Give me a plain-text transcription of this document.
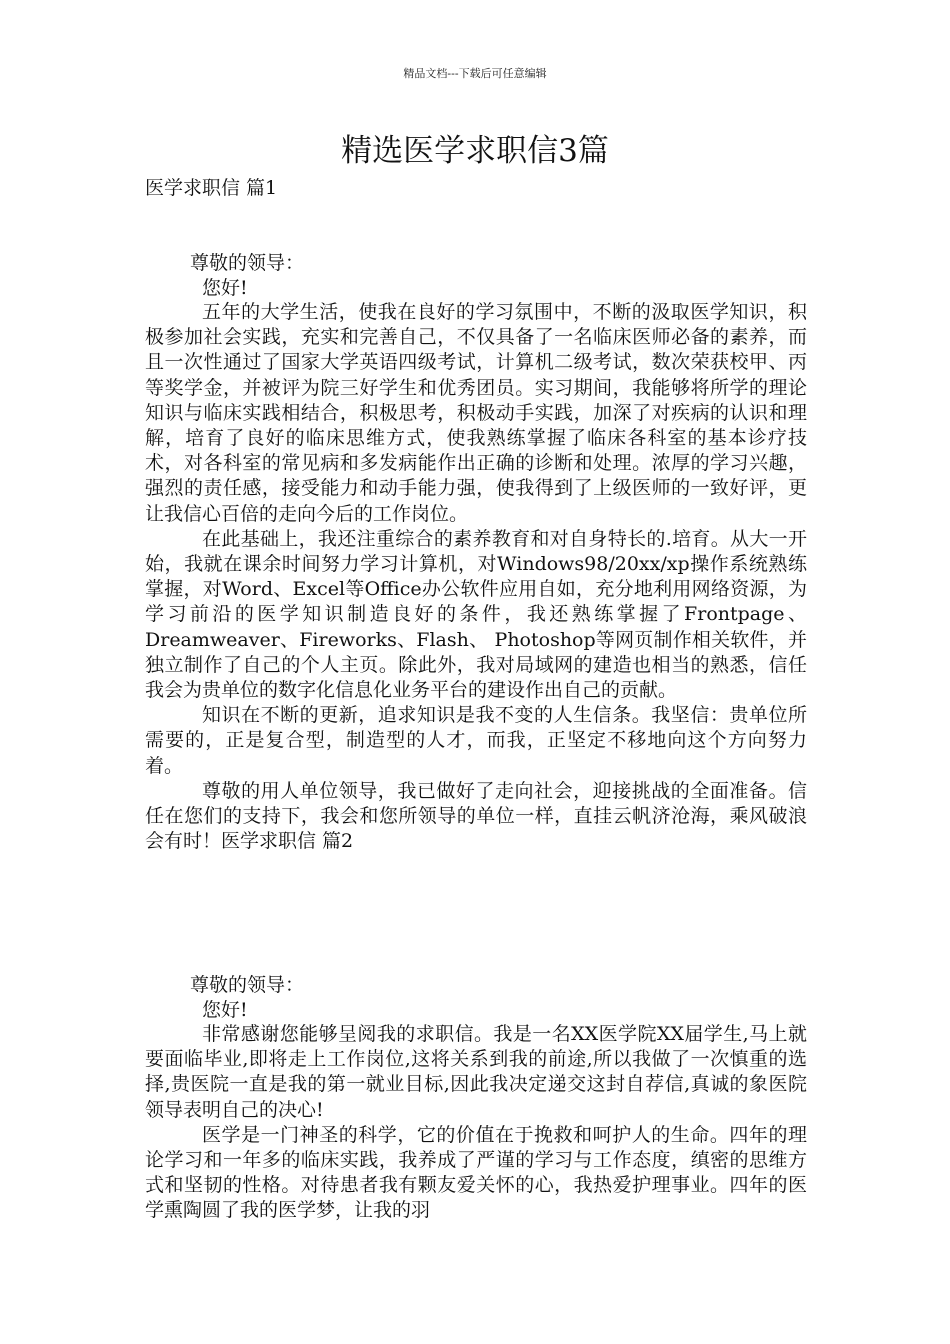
精品文档---下载后可任意编辑
精选医学求职信3篇
医学求职信 篇1
尊敬的领导：
您好!

五年的大学生活，使我在良好的学习氛围中，不断的汲取医学知识，积极参加社会实践，充实和完善自己，不仅具备了一名临床医师必备的素养，而且一次性通过了国家大学英语四级考试，计算机二级考试，数次荣获校甲、丙等奖学金，并被评为院三好学生和优秀团员。实习期间，我能够将所学的理论知识与临床实践相结合，积极思考，积极动手实践，加深了对疾病的认识和理解，培育了良好的临床思维方式，使我熟练掌握了临床各科室的基本诊疗技术，对各科室的常见病和多发病能作出正确的诊断和处理。浓厚的学习兴趣，强烈的责任感，接受能力和动手能力强，使我得到了上级医师的一致好评，更让我信心百倍的走向今后的工作岗位。

在此基础上，我还注重综合的素养教育和对自身特长的.培育。从大一开始，我就在课余时间努力学习计算机，对Windows98/20xx/xp操作系统熟练掌握，对Word、Excel等Office办公软件应用自如，充分地利用网络资源，为学习前沿的医学知识制造良好的条件，我还熟练掌握了Frontpage、Dreamweaver、Fireworks、Flash、 Photoshop等网页制作相关软件，并独立制作了自己的个人主页。除此外，我对局域网的建造也相当的熟悉，信任我会为贵单位的数字化信息化业务平台的建设作出自己的贡献。

知识在不断的更新，追求知识是我不变的人生信条。我坚信：贵单位所需要的，正是复合型，制造型的人才，而我，正坚定不移地向这个方向努力着。

尊敬的用人单位领导，我已做好了走向社会，迎接挑战的全面准备。信任在您们的支持下，我会和您所领导的单位一样，直挂云帆济沧海，乘风破浪会有时！医学求职信 篇2

尊敬的领导：
您好!

非常感谢您能够呈阅我的求职信。我是一名XX医学院XX届学生,马上就要面临毕业,即将走上工作岗位,这将关系到我的前途,所以我做了一次慎重的选择,贵医院一直是我的第一就业目标,因此我决定递交这封自荐信,真诚的象医院领导表明自己的决心!

医学是一门神圣的科学，它的价值在于挽救和呵护人的生命。四年的理论学习和一年多的临床实践，我养成了严谨的学习与工作态度，缜密的思维方式和坚韧的性格。对待患者我有颗友爱关怀的心，我热爱护理事业。四年的医学熏陶圆了我的医学梦，让我的羽
